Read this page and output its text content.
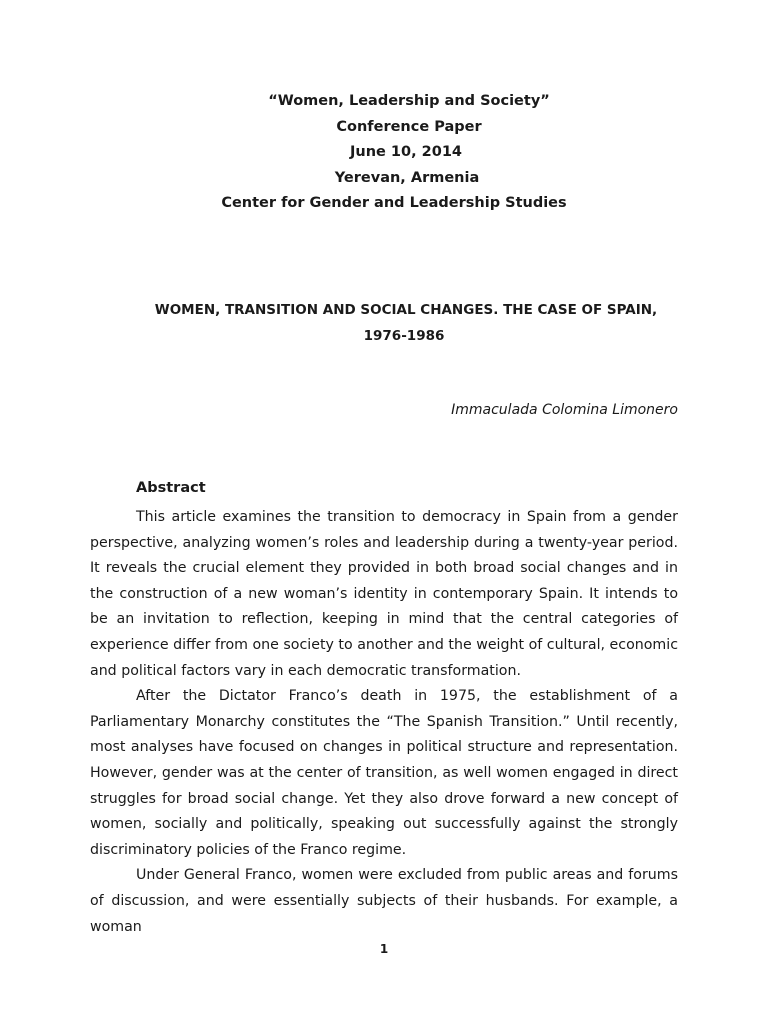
“Women, Leadership and Society”
Conference Paper
June 10, 2014
Yerevan, Armenia
Center for Gender and Leadership Studies
WOMEN, TRANSITION AND SOCIAL CHANGES. THE CASE OF SPAIN,
1976-1986
Immaculada Colomina Limonero
Abstract

This article examines the transition to democracy in Spain from a gender perspective, analyzing women’s roles and leadership during a twenty-year period. It reveals the crucial element they provided in both broad social changes and in the construction of a new woman’s identity in contemporary Spain. It intends to be an invitation to reflection, keeping in mind that the central categories of experience differ from one society to another and the weight of cultural, economic and political factors vary in each democratic transformation.

After the Dictator Franco’s death in 1975, the establishment of a Parliamentary Monarchy constitutes the “The Spanish Transition.” Until recently, most analyses have focused on changes in political structure and representation. However, gender was at the center of transition, as well women engaged in direct struggles for broad social change. Yet they also drove forward a new concept of women, socially and politically, speaking out successfully against the strongly discriminatory policies of the Franco regime.

Under General Franco, women were excluded from public areas and forums of discussion, and were essentially subjects of their husbands. For example, a woman

1
